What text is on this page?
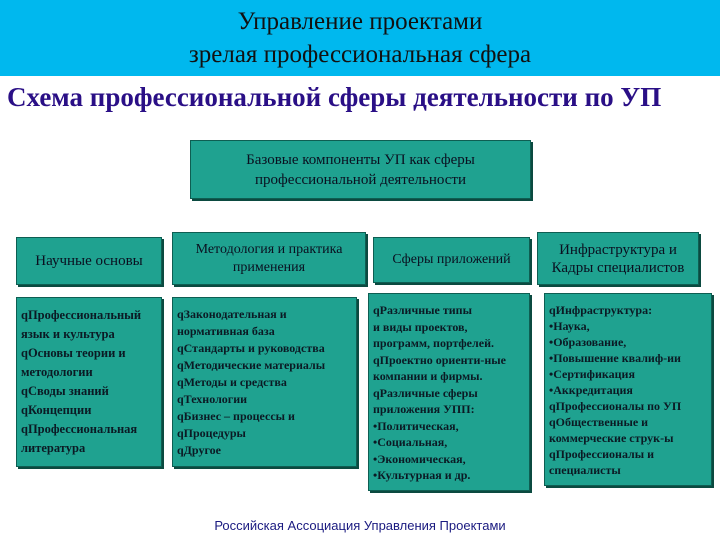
Управление проектами
зрелая профессиональная сфера
Схема профессиональной сферы деятельности по УП
Базовые компоненты УП как сферы
профессиональной деятельности
Научные основы
Методология и практика
применения	Сферы приложений
Инфраструктура и
Кадры специалистов
qПрофессиональный
язык и культура
qОсновы теории и
методологии
qСводы знаний
qКонцепции
qПрофессиональная
литература
qЗаконодательная и
нормативная база
qСтандарты и руководства
qМетодические материалы
qМетоды и средства
qТехнологии
qБизнес – процессы и
qПроцедуры
qДругое
qРазличные типы
и виды проектов,
программ, портфелей.
qПроектно ориенти-ные
компании и фирмы.
qРазличные сферы
приложения УПП:
•Политическая,
•Социальная,
•Экономическая,
•Культурная и др.
qИнфраструктура:
•Наука,
•Образование,
•Повышение квалиф-ии
•Сертификация
•Аккредитация
qПрофессионалы по УП
qОбщественные и
коммерческие струк-ы
qПрофессионалы и
специалисты
Российская Ассоциация Управления Проектами
